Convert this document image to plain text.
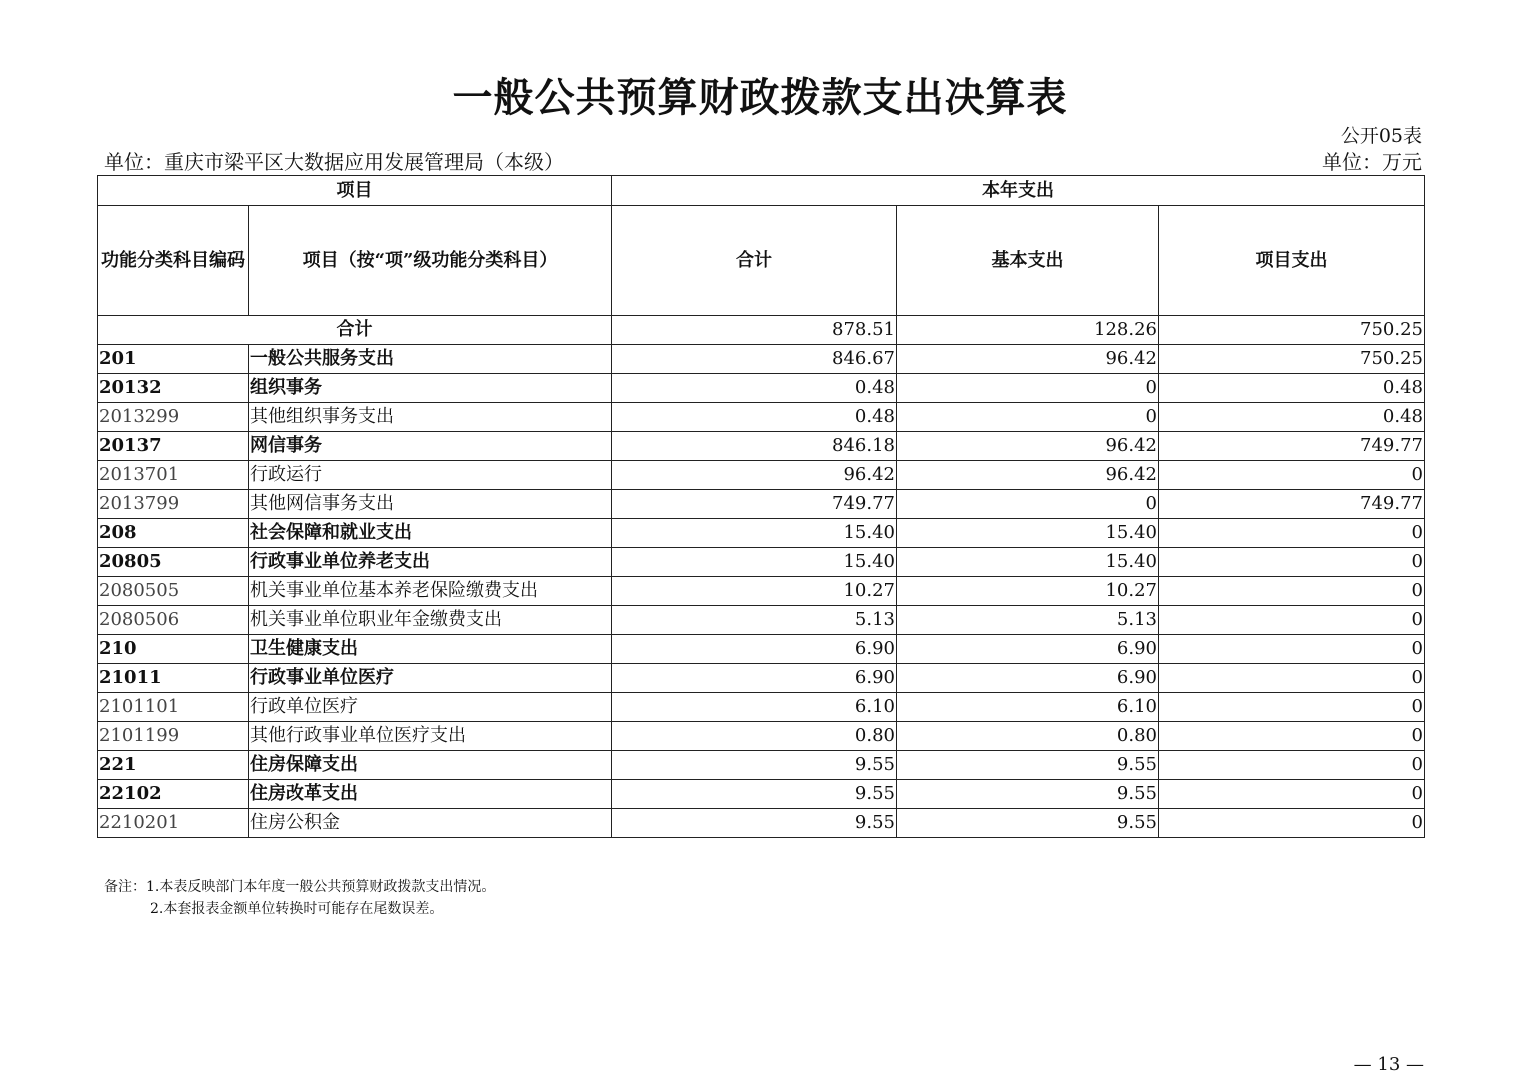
一般公共预算财政拨款支出决算表
公开05表
单位：重庆市梁平区大数据应用发展管理局（本级）	单位：万元
项目		本年支出		
功能分类科目编码	项目（按“项”级功能分类科目）	合计	基本支出	项目支出
合计		878.51	128.26	750.25
201	一般公共服务支出	846.67	96.42	750.25
20132	组织事务	0.48	0	0.48
2013299	其他组织事务支出	0.48	0	0.48
20137	网信事务	846.18	96.42	749.77
2013701	行政运行	96.42	96.42	0
2013799	其他网信事务支出	749.77	0	749.77
208	社会保障和就业支出	15.40	15.40	0
20805	行政事业单位养老支出	15.40	15.40	0
2080505	机关事业单位基本养老保险缴费支出	10.27	10.27	0
2080506	机关事业单位职业年金缴费支出	5.13	5.13	0
210	卫生健康支出	6.90	6.90	0
21011	行政事业单位医疗	6.90	6.90	0
2101101	行政单位医疗	6.10	6.10	0
2101199	其他行政事业单位医疗支出	0.80	0.80	0
221	住房保障支出	9.55	9.55	0
22102	住房改革支出	9.55	9.55	0
2210201	住房公积金	9.55	9.55	0
备注：1.本表反映部门本年度一般公共预算财政拨款支出情况。
2.本套报表金额单位转换时可能存在尾数误差。
— 13 —
